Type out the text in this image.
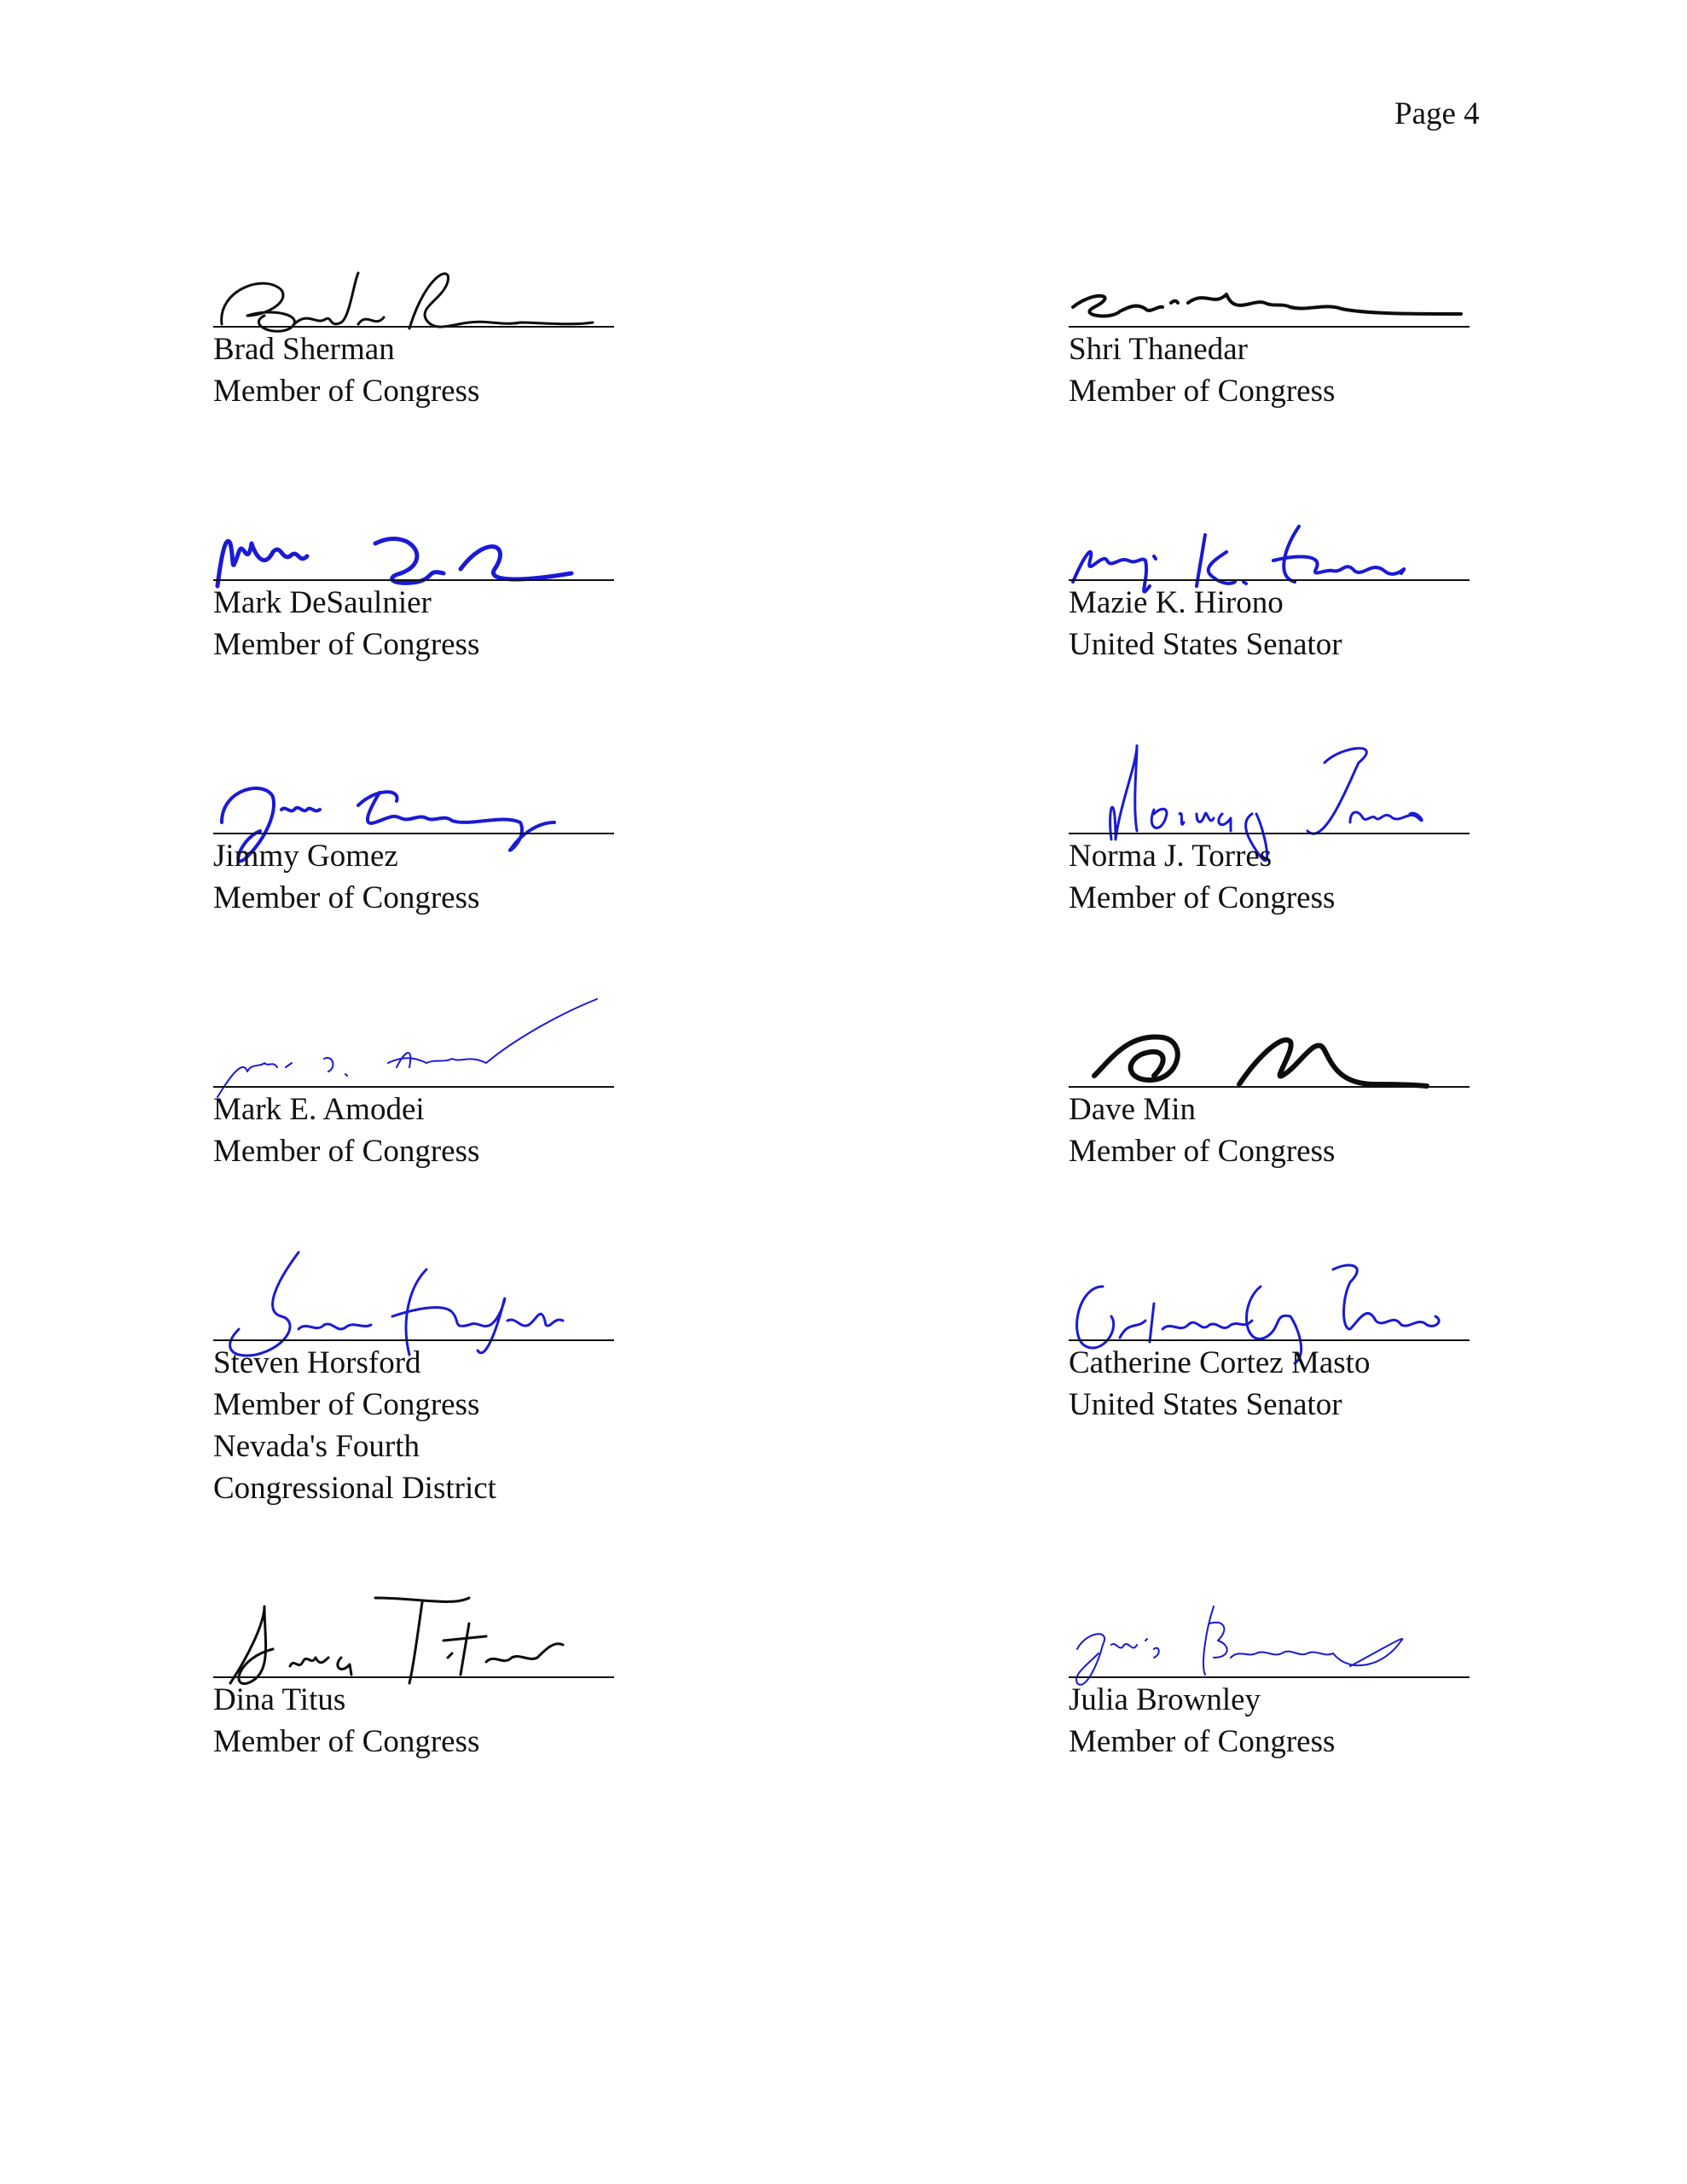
Page 4
Brad Sherman
Member of Congress
Shri Thanedar
Member of Congress
Mark DeSaulnier
Member of Congress
Mazie K. Hirono
United States Senator
Jimmy Gomez
Member of Congress
Norma J. Torres
Member of Congress
Mark E. Amodei
Member of Congress
Dave Min
Member of Congress
Steven Horsford
Member of Congress
Nevada's Fourth
Congressional District
Catherine Cortez Masto
United States Senator
Dina Titus
Member of Congress
Julia Brownley
Member of Congress
